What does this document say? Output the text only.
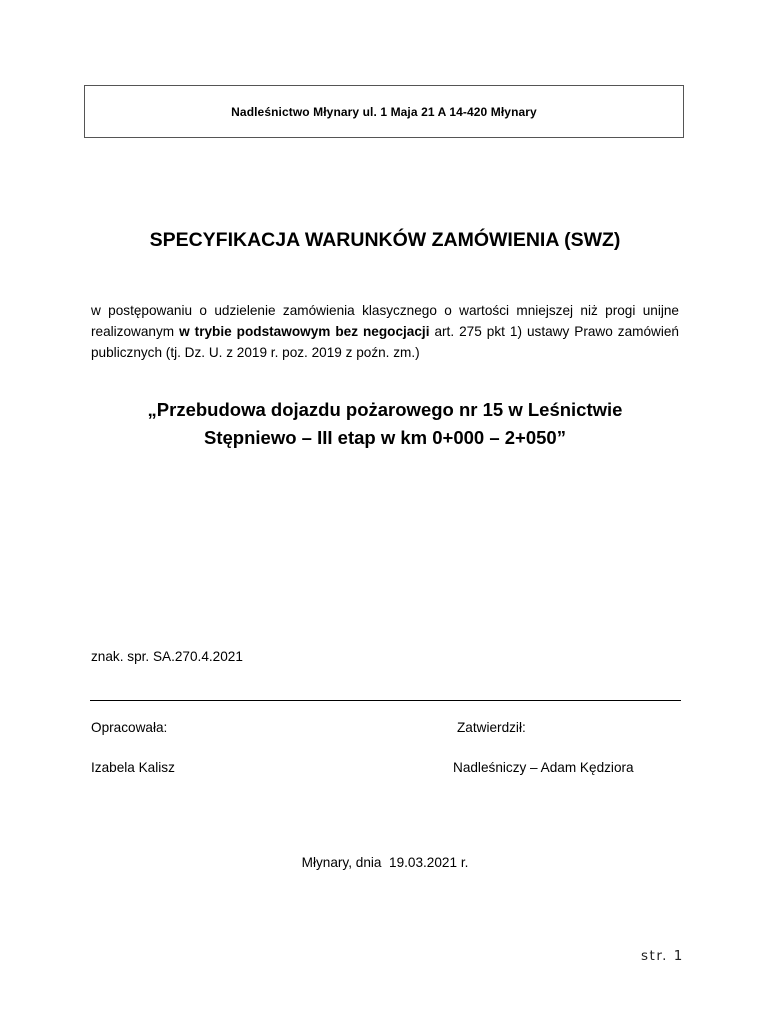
Nadleśnictwo Młynary ul. 1 Maja 21 A 14-420 Młynary
SPECYFIKACJA WARUNKÓW ZAMÓWIENIA (SWZ)
w postępowaniu o udzielenie zamówienia klasycznego o wartości mniejszej niż progi unijne realizowanym w trybie podstawowym bez negocjacji art. 275 pkt 1) ustawy Prawo zamówień publicznych (tj. Dz. U. z 2019 r. poz. 2019 z poźn. zm.)
„Przebudowa dojazdu pożarowego nr 15 w Leśnictwie
Stępniewo – III etap w km 0+000 – 2+050”
znak. spr. SA.270.4.2021
Opracowała:	Zatwierdził:
Izabela Kalisz	Nadleśniczy – Adam Kędziora
Młynary, dnia  19.03.2021 r.
str. 1
